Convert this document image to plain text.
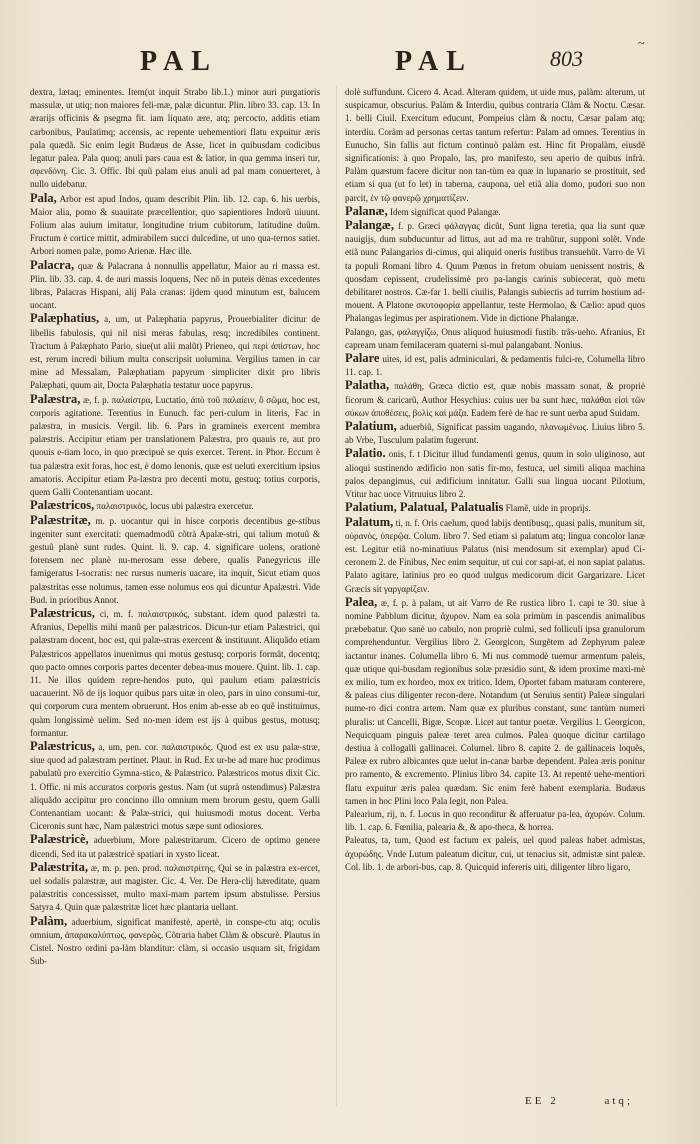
PAL	PAL	803
~

dextra, lætaq; eminentes. Item(ut inquit Strabo lib.1.) minor auri purgatioris massulæ, ut utiq; non maiores feli-mæ, palæ dicuntur. Plin. libro 33. cap. 13. In ærarijs officinis & psegma fit. iam liquato ære, atq; percocto, additis etiam carbonibus, Paulatimq; accensis, ac repente uehementiori flatu expuitur æris pala quædã. Sic enim legit Budæus de Asse, licet in quibusdam codicibus legatur palea. Pala quoq; anuli pars caua est & latior, in qua gemma inseri tur, σφενδόνη. Cic. 3. Offic. Ibi quũ palam eius anuli ad pal mam conuerteret, à nullo uidebatur.

Pala, Arbor est apud Indos, quam describit Plin. lib. 12. cap. 6. his uerbis, Maior alia, pomo & suauitate præcellentior, quo sapientiores Indorũ uiuunt. Folium alas auium imitatur, longitudine trium cubitorum, latitudine duũm. Fructum è cortice mittit, admirabilem succi dulcedine, ut uno qua-ternos satiet. Arbori nomen palæ, pomo Arienæ. Hæc ille.

Palacra, quæ & Palacrana à nonnullis appellatur, Maior au ri massa est. Plin. lib. 33. cap. 4. de auri massis loquens, Nec nõ in puteis dènas excedentes libras, Palacras Hispani, alij Pala cranas: ijdem quod minutum est, balucem uocant.

Palæphatius, a, um, ut Palæphatia papyrus, Prouerbialiter dicitur de libellis fabulosis, qui nil nisi meras fabulas, resq; incredibiles continent. Tractum à Palæphato Pario, siue(ut alii malũt) Prieneo, qui περὶ ἀπίστων, hoc est, rerum incredi bilium multa conscripsit uolumina. Vergilius tamen in car mine ad Messalam, Palæphatiam papyrum simpliciter dixit pro libris Palæphati, quum ait, Docta Palæphatia testatur uoce papyrus.

Palæstra, æ, f. p. παλαίστρα, Luctatio, ἀπὸ τοῦ παλαίειν, ὃ σῶμα, hoc est, corporis agitatione. Terentius in Eunuch. fac peri-culum in literis, Fac in palæstra, in musicis. Vergil. lib. 6. Pars in gramineis exercent membra palæstris. Accipitur etiam per translationem Palæstra, pro quauis re, aut pro quouis e-tiam loco, in quo præcipuè se quis exercet. Terent. in Phor. Eccum è tua palæstra exit foras, hoc est, è domo lenonis, quæ est ueluti exercitium ipsius amatoris. Accipitur etiam Pa-læstra pro decenti motu, gestuq; totius corporis, quem Galli Contenantiam uocant.

Palæstricos, παλαιστρικός, locus ubi palæstra exercetur.

Palæstritæ, m. p. uocantur qui in hisce corporis decentibus ge-stibus ingeniter sunt exercitati: quemadmodũ cõtrà Apalæ-stri, qui talium motuũ & gestuũ planè sunt rudes. Quint. li. 9. cap. 4. significare uolens, orationè forensem nec planè nu-merosam esse debere, qualis Panegyricus ille famigeratus I-socratis: nec rursus numeris uacare, ita inquit, Sicut etiam quos palæstritas esse nolumus, tamen esse nolumus eos qui dicuntur Apalæstri. Vide Bud. in prioribus Annot.

Palæstricus, ci, m. f. παλαιστρικός, substant. idem quod palæstri ta. Afranius, Depellis mihi manũ per palæstricos. Dicun-tur etiam Palæstrici, qui palæstram docent, hoc est, qui palæ-stras exercent & instituunt. Aliquãdo etiam Palæstricos appellatos inuenimus qui motus gestusq; corporis formât, docentq; quo pacto omnes corporis partes decenter debea-mus mouere. Quint. lib. 1. cap. 11. Ne illos quidem repre-hendos puto, qui paulum etiam palæstricis uacauerint. Nõ de ijs loquor quibus pars uitæ in oleo, pars in uino consumi-tur, qui corporum cura mentem obruerunt. Hos enim ab-esse ab eo quẽ instituimus, quàm longissimè uelim. Sed no-men idem est ijs à quibus gestus, motusq; formantur.

Palæstricus, a, um, pen. cor. παλαιστρικός. Quod est ex usu palæ-stræ, siue quod ad palæstram pertinet. Plaut. in Rud. Ex ur-be ad mare huc prodimus pabulatũ pro exercitio Gymna-stico, & Palæstrico. Palæstricos motus dixit Cic. 1. Offic. ni mis accuratos corporis gestus. Nam (ut suprà ostendimus) Palæstra aliquãdo accipitur pro concinno illo omnium mem brorum gestu, quem Galli Contenantiam uocant: & Palæ-strici, qui huiusmodi motus docent. Verba Ciceronis sunt hæc, Nam palæstrici motus sæpe sunt odiosiores.

Palæstricè, aduerbium, More palæstritarum. Cicero de optimo genere dicendi, Sed ita ut palæstricè spatiari in xysto liceat.

Palæstrita, æ, m. p. pen. prod. παλαιστρίτης, Qui se in palæstra ex-ercet, uel sodalis palæstræ, aut magister. Cic. 4. Ver. De Hera-clij hæreditate, quam palæstritis concessisset, multo maxi-mam partem ipsum abstulisse. Persius Satyra 4. Quin quæ palæstritæ licet hæc plantaria uellant.

Palàm, aduerbium, significat manifestè, apertè, in conspe-ctu atq; oculis omnium, ἀπαρακαλύπτως, φανερῶς. Cõtraria habet Clàm & obscurè. Plautus in Cistel. Nostro ordini pa-làm blanditur: clàm, si occasio usquam sit, frigidam Sub-

dolè suffundunt. Cicero 4. Acad. Alteram quidem, ut uide mus, palàm: alterum, ut suspicamur, obscurius. Palàm & Interdiu, quibus contraria Clàm & Noctu. Cæsar. 1. belli Ciuil. Exercitum educunt, Pompeius clàm & noctu, Cæsar palam atq; interdiu. Coràm ad personas certas tantum refertur: Palam ad omnes. Terentius in Eunucho, Sin fallis aut fictum continuò palàm est. Hinc fit Propalàm, eiusdẽ significationis: à quo Propalo, las, pro manifesto, seu aperio de quibus infrà. Palàm quæstum facere dicitur non tan-tùm ea quæ in lupanario se prostituit, sed etiam si qua (ut fo let) in taberna, caupona, uel etiã alia domo, pudori suo non parcit, ἐν τῷ φανερῷ χρηματίζειν.

Palanæ, Idem significat quod Palangæ.

Palangæ, f. p. Græci φάλαγγας dicũt, Sunt ligna teretia, qua lia sunt quæ nauigijs, dum subducuntur ad littus, aut ad ma re trahũtur, supponi solẽt. Vnde etiã nunc Palangarios di-cimus, qui aliquid oneris fustibus transuehũt. Varro de Vi ta populi Romani libro 4. Quum Pœnus in fretum obuiam uenissent nostris, & quosdam cepissent, crudelissimè pro pa-langis carinis subiecerat, quò metu debilitaret nostros. Cæ-far 1. belli ciuilis, Palangis subiectis ad turrim hostium ad-mouent. A Platone σκυτοφορία appellantur, teste Hermolao, & Cælio: apud quos Phalangas legimus per aspirationem. Vide in dictione Phalangæ.

Palango, gas, φαλαγγίζω, Onus aliquod huiusmodi fustib. trãs-ueho. Afranius, Et capream unam femilaceram quaterni si-mul palangabant. Nonius.

Palare uites, id est, palis adminiculari, & pedamentis fulci-re, Columella libro 11. cap. 1.

Palatha, παλάθη, Græca dictio est, quæ nobis massam sonat, & propriè ficorum & caricarũ, Author Hesychius: cuius uer ba sunt hæc, παλάθαι εἰσὶ τῶν σύκων ἀποθέσεις, βολὶς καὶ μάζα. Eadem ferè de hac re sunt uerba apud Suidam.

Palatium, aduerbiũ, Significat passim uagando, πλανωμένως. Liuius libro 5. ab Vrbe, Tusculum palatim fugerunt.

Palatio. onis, f. t Dicitur illud fundamenti genus, quum in solo uliginoso, aut alioqui sustinendo ædificio non satis fir-mo, festuca, uel simili aliqua machina palos depangimus, cui ædificium innitatur. Galli sua lingua uocant Pilotium, Vtitur hac uoce Vitruuius libro 2.

Palatium, Palatual, Palatualis Flamẽ, uide in proprijs.

Palatum, ti, n. f. Oris caelum, quod labijs dentibusq;, quasi palis, munitum sit, οὐρανὸς, ὑπερῷα. Colum. libro 7. Sed etiam si palatum atq; lingua concolor lanæ est. Legitur etiã no-minatiuus Palatus (nisi mendosum sit exemplar) apud Ci-ceronem 2. de Finibus, Nec enim sequitur, ut cui cor sapi-at, ei non sapiat palatus. Palato agitare, latinius pro eo quod uulgus medicorum dicit Gargarizare. Licet Græcis sit γαργαρίζειν.

Palea, æ, f. p. à palam, ut ait Varro de Re rustica libro 1. capi te 30. siue à nomine Pabblum dicitur, ἄχυρον. Nam ea sola primùm in pascendis animalibus præbebatur. Quo sanè uo cabulo, non propriè culmi, sed folliculi ipsa granulorum comprehenduntur. Vergilius libro 2. Georgicon, Surgẽtem ad Zephyrum paleæ iactantur inanes. Columella libro 6. Mi nus commodè tuemur armentum paleis, quæ utique qui-busdam regionibus solæ præsidio sunt, & idem proxime maxi-mè ex milio, tum ex hordeo, mox ex tritico. Idem, Oportet fabam maturam conterere, & paleas cius diligenter recon-dere. Notandum (ut Seruius sentit) Paleæ singulari nume-ro dici contra artem. Nam quæ ex pluribus constant, sunc tantùm numeri pluralis: ut Cancelli, Bigæ, Scopæ. Licet aut tantur poetæ. Vergilius 1. Georgicon, Nequicquam pinguis paleæ teret area culmos. Palea quoque dicitur cartilago destiua à collogalli gallinacei. Columel. libro 8. capite 2. de gallinaceis loquẽs, Paleæ ex rubro albicantes quæ uelut in-canæ barbæ dependent. Palea æris ponitur pro ramento, & excremento. Plinius libro 34. capite 13. At repentè uehe-mentiori flatu expuitur æris palea quædam. Sic enim ferè habent exemplaria. Budæus tamen in hoc Plini loco Pala legit, non Palea.

Palearium, rij, n. f. Locus in quo reconditur & afferuatur pa-lea, ἀχυρών. Colum. lib. 1. cap. 6. Fœnilia, palearia &, & apo-theca, & horrea.

Paleatus, ta, tum, Quod est factum ex paleis, uel quod paleas habet admistas, ἀχυρώδης. Vnde Lutum paleatum dicitur, cui, ut tenacius sit, admistæ sint paleæ. Col. lib. 1. de arbori-bus, cap. 8. Quicquid infereris uiti, diligenter libro ligaro,

EE 2	atq;
